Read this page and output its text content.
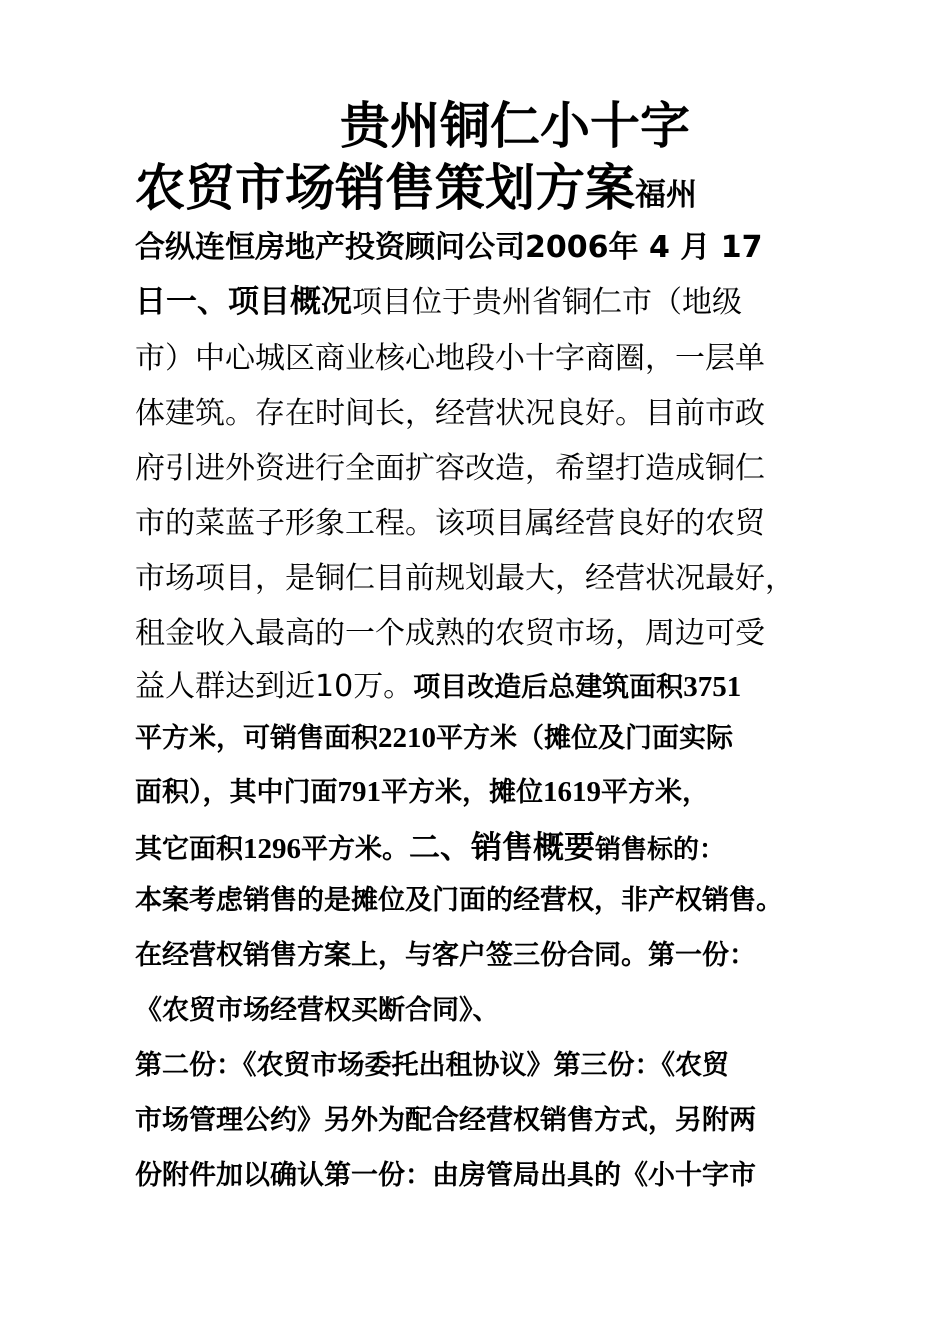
贵州铜仁小十字
农贸市场销售策划方案福州
合纵连恒房地产投资顾问公司2006年 4 月 17
日一、项目概况项目位于贵州省铜仁市（地级
市）中心城区商业核心地段小十字商圈，一层单
体建筑。存在时间长，经营状况良好。目前市政
府引进外资进行全面扩容改造，希望打造成铜仁
市的菜蓝子形象工程。该项目属经营良好的农贸
市场项目，是铜仁目前规划最大，经营状况最好，
租金收入最高的一个成熟的农贸市场，周边可受
益人群达到近10万。项目改造后总建筑面积3751
平方米，可销售面积2210平方米（摊位及门面实际
面积），其中门面791平方米，摊位1619平方米，
其它面积1296平方米。二、销售概要销售标的：
本案考虑销售的是摊位及门面的经营权，非产权销售。
在经营权销售方案上，与客户签三份合同。第一份：
《农贸市场经营权买断合同》、
第二份：《农贸市场委托出租协议》第三份：《农贸
市场管理公约》另外为配合经营权销售方式，另附两
份附件加以确认第一份：由房管局出具的《小十字市
